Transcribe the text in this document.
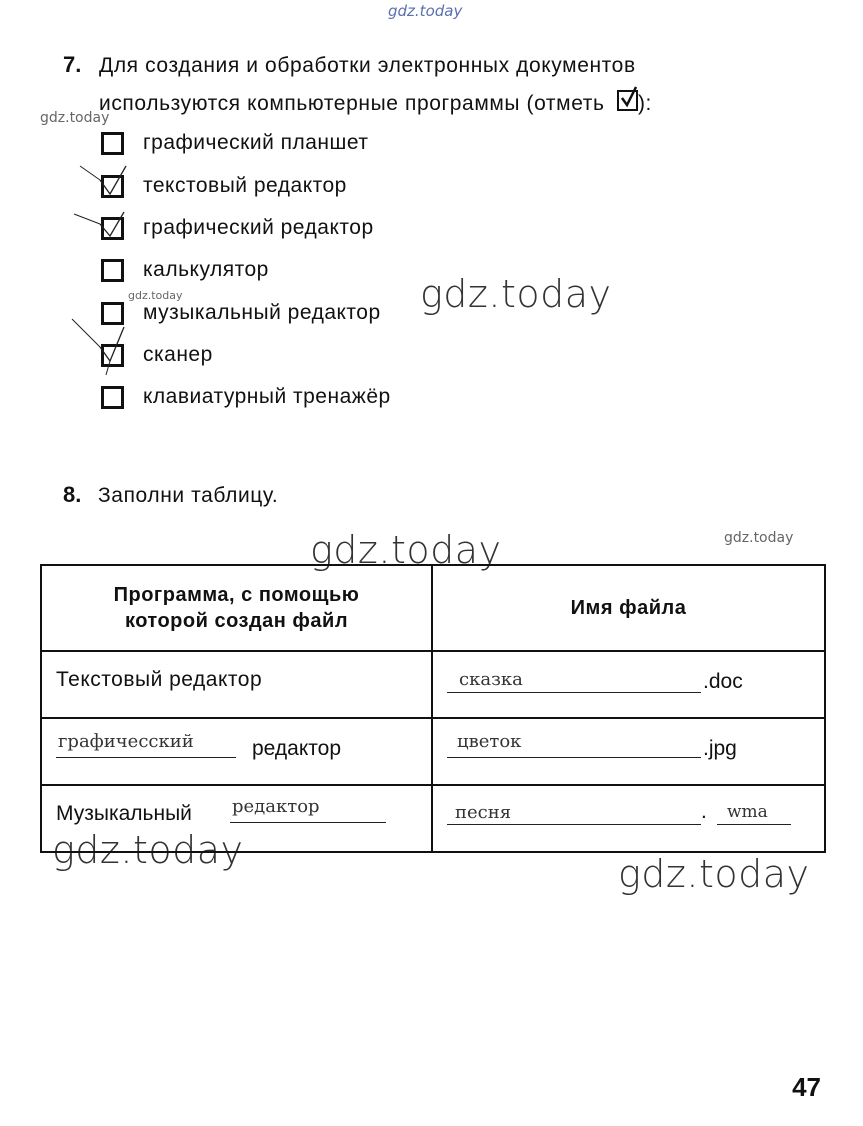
gdz.today
gdz.today
gdz.today	gdz.today
gdz.today
gdz.today
gdz.today
gdz.today
7. Для создания и обработки электронных документов
используются компьютерные программы (отметь ):
графический планшет
текстовый редактор
графический редактор
калькулятор
музыкальный редактор
сканер
клавиатурный тренажёр
8. Заполни таблицу.
Программа, с помощью
которой создан файл	Имя файла

Текстовый редактор	сказка .doc

графичесский редактор	цветок .jpg

Музыкальный редактор	песня . wma
47
